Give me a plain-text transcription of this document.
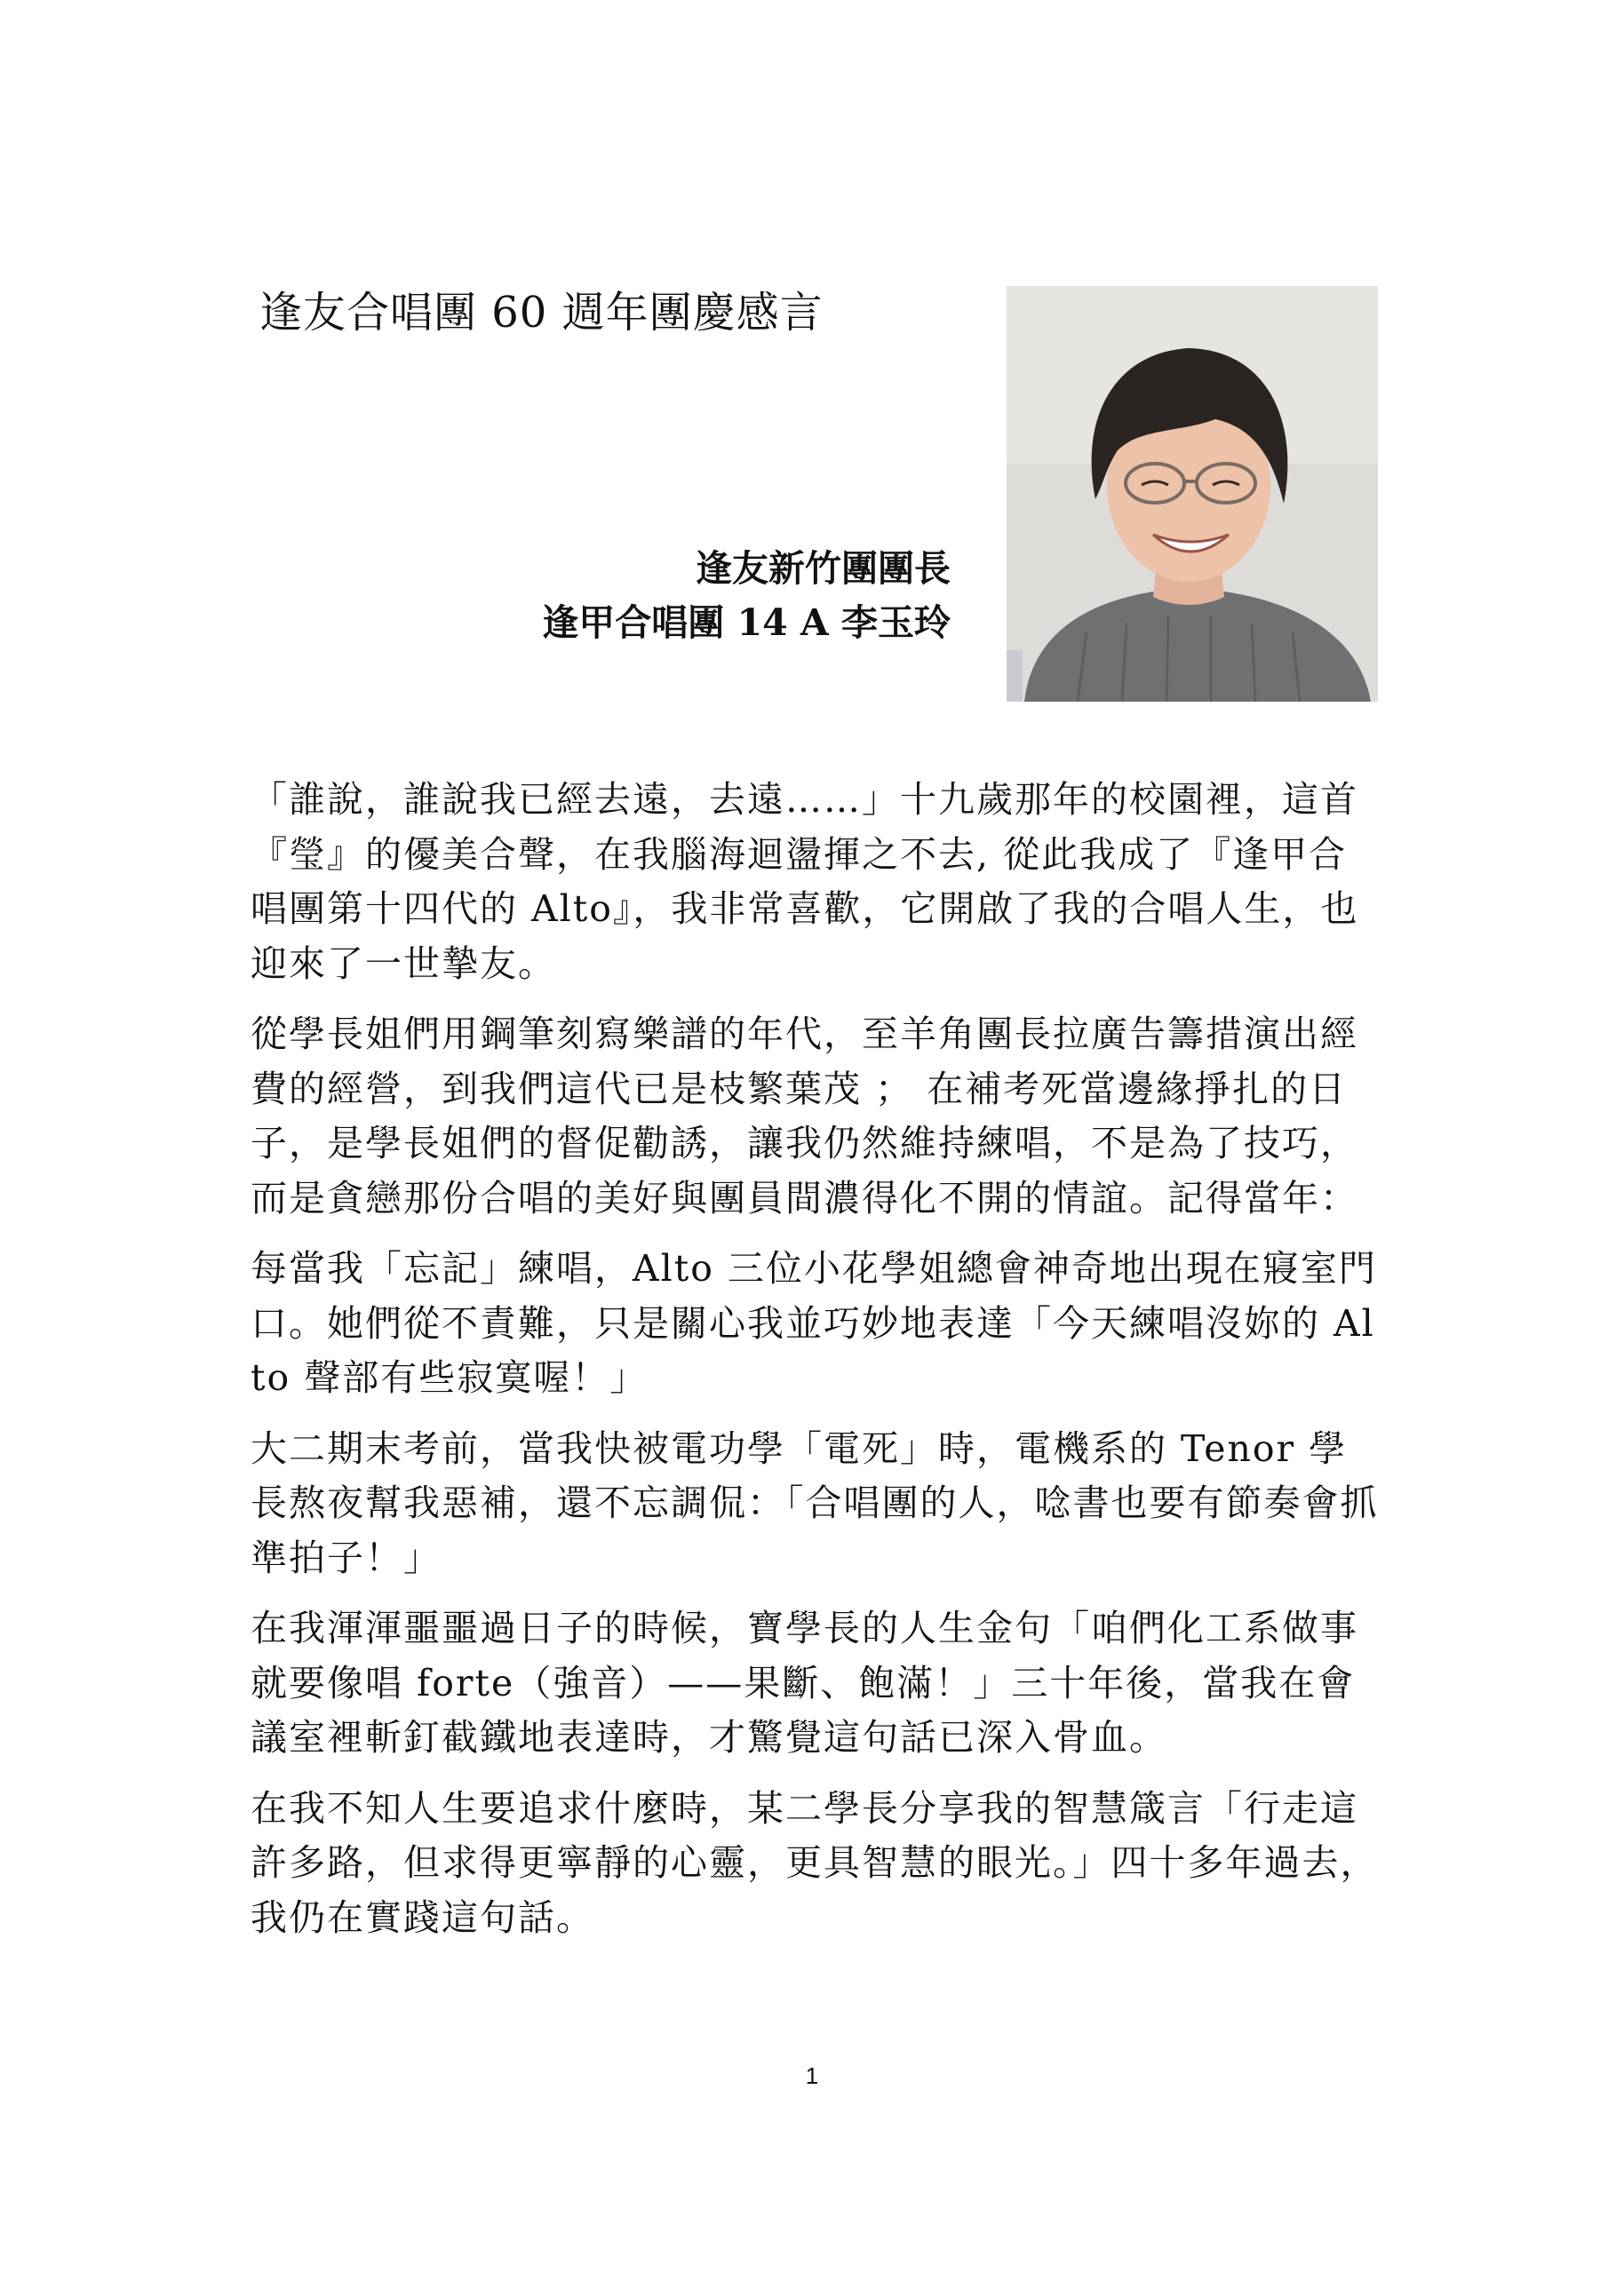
逢友合唱團 60 週年團慶感言
逢友新竹團團長
逢甲合唱團 14 A 李玉玲

「誰說，誰說我已經去遠，去遠……」十九歲那年的校園裡，這首『瑩』的優美合聲，在我腦海迴盪揮之不去, 從此我成了『逢甲合唱團第十四代的 Alto』，我非常喜歡，它開啟了我的合唱人生，也迎來了一世摯友。

從學長姐們用鋼筆刻寫樂譜的年代，至羊角團長拉廣告籌措演出經費的經營，到我們這代已是枝繁葉茂 ； 在補考死當邊緣掙扎的日子，是學長姐們的督促勸誘，讓我仍然維持練唱，不是為了技巧，而是貪戀那份合唱的美好與團員間濃得化不開的情誼。記得當年：

每當我「忘記」練唱，Alto 三位小花學姐總會神奇地出現在寢室門口。她們從不責難，只是關心我並巧妙地表達「今天練唱沒妳的 Alto 聲部有些寂寞喔！」

大二期末考前，當我快被電功學「電死」時，電機系的 Tenor 學長熬夜幫我惡補，還不忘調侃：「合唱團的人，唸書也要有節奏會抓準拍子！」

在我渾渾噩噩過日子的時候，寶學長的人生金句「咱們化工系做事就要像唱 forte（強音）——果斷、飽滿！」三十年後，當我在會議室裡斬釘截鐵地表達時，才驚覺這句話已深入骨血。

在我不知人生要追求什麼時，某二學長分享我的智慧箴言「行走這許多路，但求得更寧靜的心靈，更具智慧的眼光。」四十多年過去，我仍在實踐這句話。

1
